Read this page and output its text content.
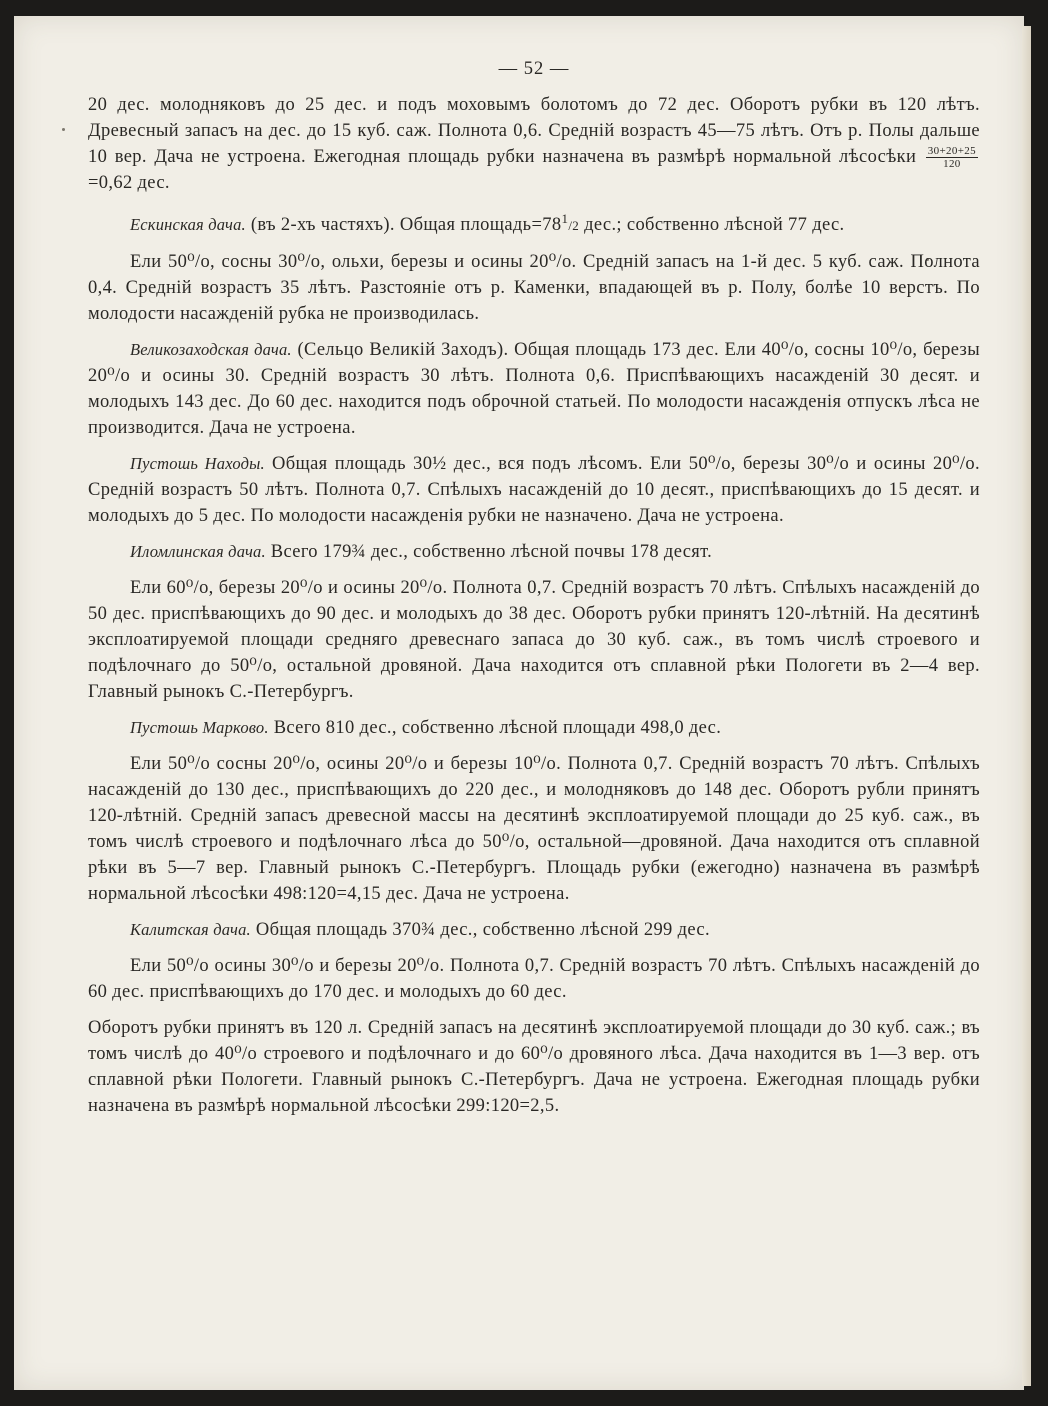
— 52 —

20 дес. молодняковъ до 25 дес. и подъ моховымъ болотомъ до 72 дес. Оборотъ рубки въ 120 лѣтъ. Древесный запасъ на дес. до 15 куб. саж. Полнота 0,6. Среднiй возрастъ 45—75 лѣтъ. Отъ р. Полы дальше 10 вер. Дача не устроена. Ежегодная площадь рубки назначена въ размѣрѣ нормальной лѣсосѣки $\frac{30+20+25}{120}$
=0,62 дес.

Ескинская дача. (въ 2-хъ частяхъ). Общая $площадь=78^1/2$ дес.; собственно лѣсной 77 дес.

Ели 50⁰/о, сосны 30⁰/о, ольхи, березы и осины 20⁰/о. Среднiй запасъ на 1-й дес. 5 куб. саж. Полнота 0,4. Среднiй возрастъ 35 лѣтъ. Разстоянiе отъ р. Каменки, впадающей въ р. Полу, болѣе 10 верстъ. По молодости насажденiй рубка не производилась.

Великозаходская дача. (Сельцо Великiй Заходъ). Общая площадь 173 дес. Ели 40⁰/о, сосны 10⁰/о, березы 20⁰/о и осины 30. Среднiй возрастъ 30 лѣтъ. Полнота 0,6. Приспѣвающихъ насажденiй 30 десят. и молодыхъ 143 дес. До 60 дес. находится подъ оброчной статьей. По молодости насажденiя отпускъ лѣса не производится. Дача не устроена.

Пустошь Находы. Общая площадь 30½ дес., вся подъ лѣсомъ. Ели 50⁰/о, березы 30⁰/о и осины 20⁰/о. Среднiй возрастъ 50 лѣтъ. Полнота 0,7. Спѣлыхъ насажденiй до 10 десят., приспѣвающихъ до 15 десят. и молодыхъ до 5 дес. По молодости насажденiя рубки не назначено. Дача не устроена.

Иломлинская дача. Всего 179¾ дес., собственно лѣсной почвы 178 десят.

Ели 60⁰/о, березы 20⁰/о и осины 20⁰/о. Полнота 0,7. Среднiй возрастъ 70 лѣтъ. Спѣлыхъ насажденiй до 50 дес. приспѣвающихъ до 90 дес. и молодыхъ до 38 дес. Оборотъ рубки принятъ 120-лѣтнiй. На десятинѣ эксплоатируемой площади средняго древеснаго запаса до 30 куб. саж., въ томъ числѣ строевого и подѣлочнаго до 50⁰/о, остальной дровяной. Дача находится отъ сплавной рѣки Пологети въ 2—4 вер. Главный рынокъ С.-Петербургъ.

Пустошь Марково. Всего 810 дес., собственно лѣсной площади 498,0 дес.

Ели 50⁰/о сосны 20⁰/о, осины 20⁰/о и березы 10⁰/о. Полнота 0,7. Среднiй возрастъ 70 лѣтъ. Спѣлыхъ насажденiй до 130 дес., приспѣвающихъ до 220 дес., и молодняковъ до 148 дес. Оборотъ рубли принятъ 120-лѣтнiй. Среднiй запасъ древесной массы на десятинѣ эксплоатируемой площади до 25 куб. саж., въ томъ числѣ строевого и подѣлочнаго лѣса до 50⁰/о, остальной—дровяной. Дача находится отъ сплавной рѣки въ 5—7 вер. Главный рынокъ С.-Петербургъ. Площадь рубки (ежегодно) назначена въ размѣрѣ нормальной лѣсосѣки 498:120=4,15 дес. Дача не устроена.

Калитская дача. Общая площадь 370¾ дес., собственно лѣсной 299 дес.

Ели 50⁰/о осины 30⁰/о и березы 20⁰/о. Полнота 0,7. Среднiй возрастъ 70 лѣтъ. Спѣлыхъ насажденiй до 60 дес. приспѣвающихъ до 170 дес. и молодыхъ до 60 дес.

Оборотъ рубки принятъ въ 120 л. Среднiй запасъ на десятинѣ эксплоатируемой площади до 30 куб. саж.; въ томъ числѣ до 40⁰/о строевого и подѣлочнаго и до 60⁰/о дровяного лѣса. Дача находится въ 1—3 вер. отъ сплавной рѣки Пологети. Главный рынокъ С.-Петербургъ. Дача не устроена. Ежегодная площадь рубки назначена въ размѣрѣ нормальной лѣсосѣки 299:120=2,5.
